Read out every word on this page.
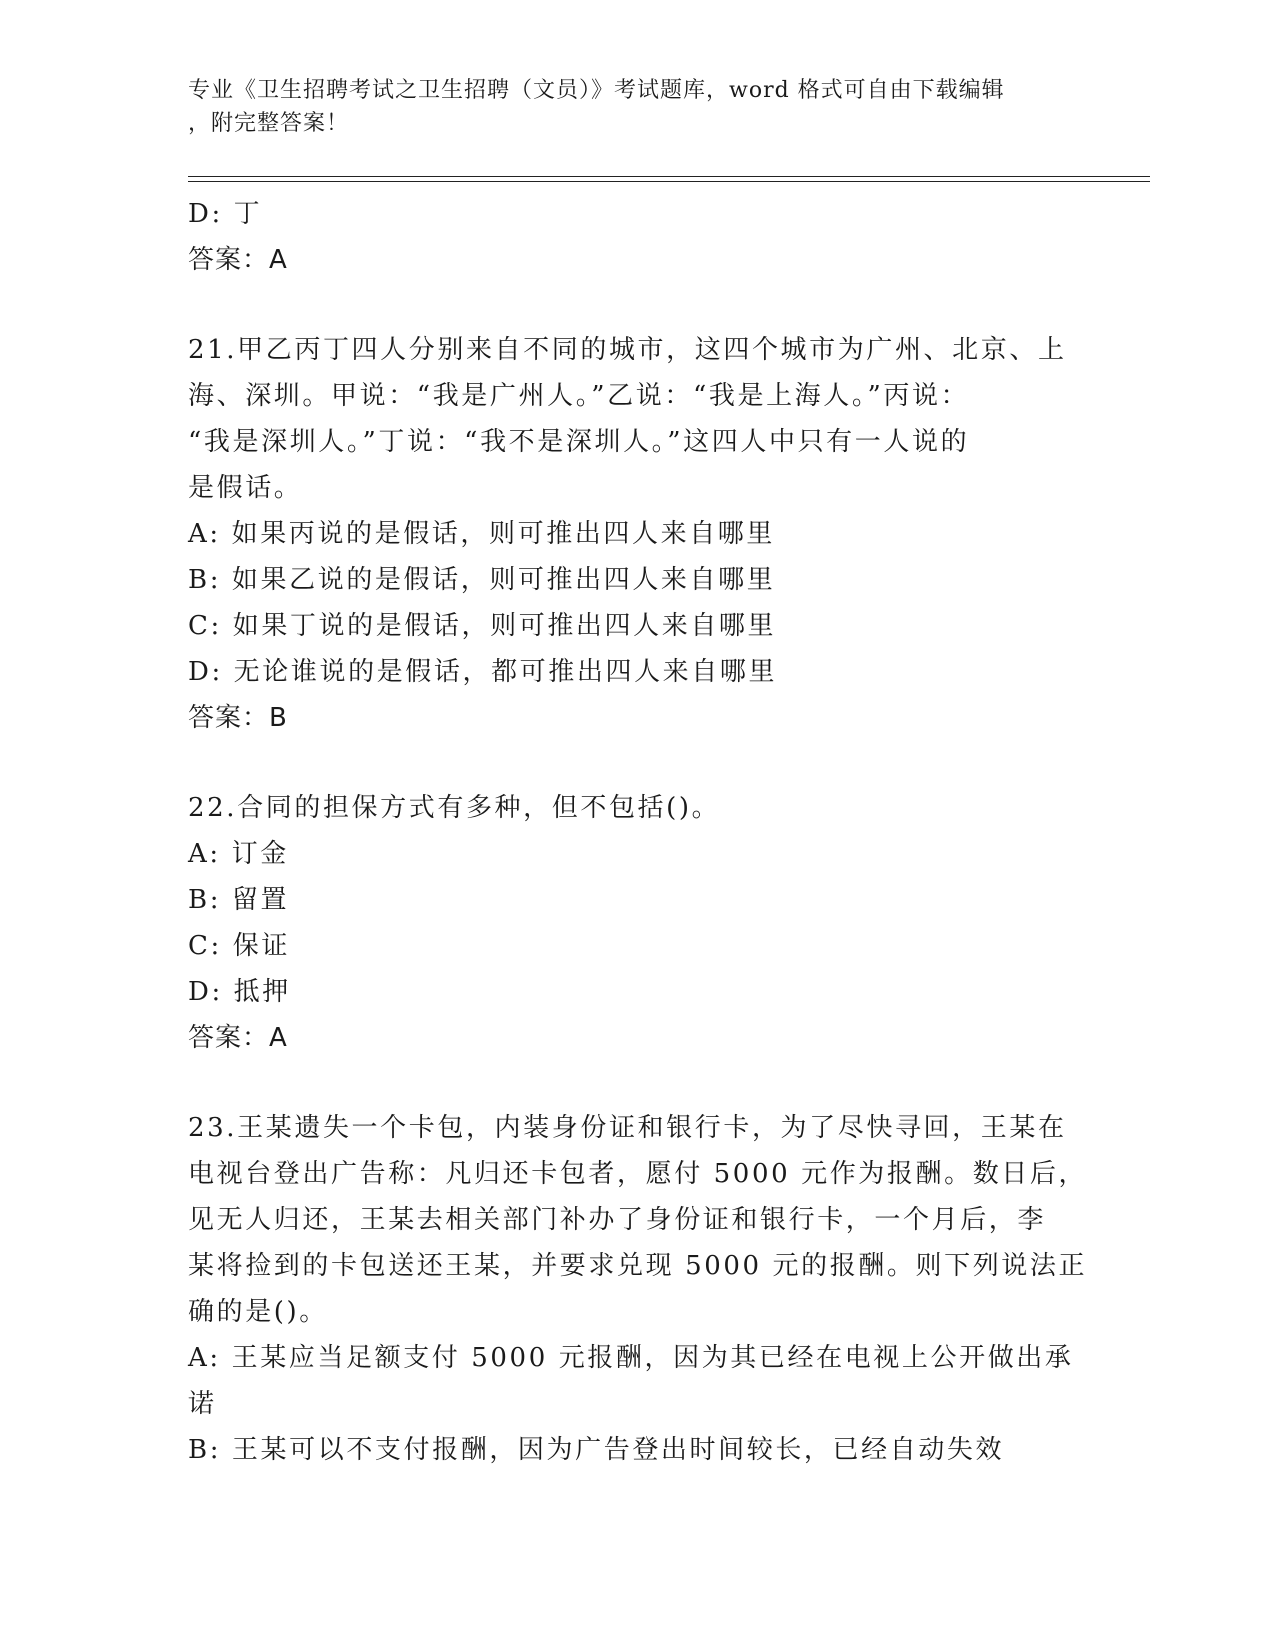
专业《卫生招聘考试之卫生招聘（文员）》考试题库，word 格式可自由下载编辑
，附完整答案！
D: 丁
答案：A
21.甲乙丙丁四人分别来自不同的城市，这四个城市为广州、北京、上
海、深圳。甲说：“我是广州人。”乙说：“我是上海人。”丙说：
“我是深圳人。”丁说：“我不是深圳人。”这四人中只有一人说的
是假话。
A: 如果丙说的是假话，则可推出四人来自哪里
B: 如果乙说的是假话，则可推出四人来自哪里
C: 如果丁说的是假话，则可推出四人来自哪里
D: 无论谁说的是假话，都可推出四人来自哪里
答案：B
22.合同的担保方式有多种，但不包括()。
A: 订金
B: 留置
C: 保证
D: 抵押
答案：A
23.王某遗失一个卡包，内装身份证和银行卡，为了尽快寻回，王某在
电视台登出广告称：凡归还卡包者，愿付 5000 元作为报酬。数日后，
见无人归还，王某去相关部门补办了身份证和银行卡，一个月后，李
某将捡到的卡包送还王某，并要求兑现 5000 元的报酬。则下列说法正
确的是()。
A: 王某应当足额支付 5000 元报酬，因为其已经在电视上公开做出承
诺
B: 王某可以不支付报酬，因为广告登出时间较长，已经自动失效
